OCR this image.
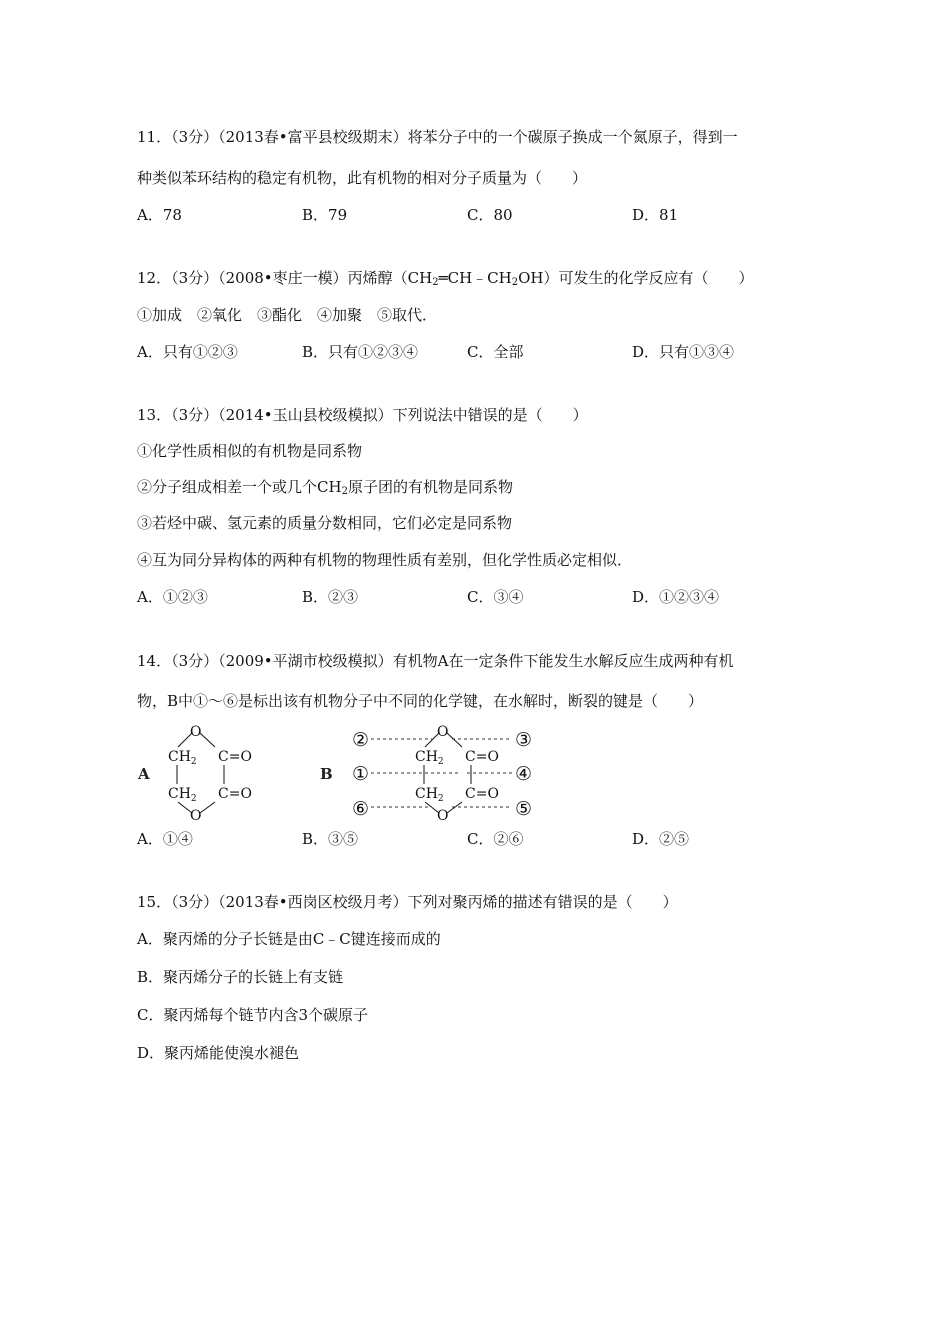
11．（3分）（2013春•富平县校级期末）将苯分子中的一个碳原子换成一个氮原子，得到一
种类似苯环结构的稳定有机物，此有机物的相对分子质量为（　　）
A．78	B．79	C．80	D．81
12．（3分）（2008•枣庄一模）丙烯醇$(CH_2═CH﹣CH_2OH)$可发生的化学反应有（　　）
①加成　②氧化　③酯化　④加聚　⑤取代．
A．只有①②③	B．只有①②③④	C．全部	D．只有①③④
13．（3分）（2014•玉山县校级模拟）下列说法中错误的是（　　）
①化学性质相似的有机物是同系物
②分子组成相差一个或几个$CH_2$原子团的有机物是同系物
③若烃中碳、氢元素的质量分数相同，它们必定是同系物
④互为同分异构体的两种有机物的物理性质有差别，但化学性质必定相似．
A．①②③	B．②③	C．③④	D．①②③④
14．（3分）（2009•平湖市校级模拟）有机物A在一定条件下能发生水解反应生成两种有机
物，B中①～⑥是标出该有机物分子中不同的化学键，在水解时，断裂的键是（　　）
A
O
O
$CH_2$
$CH_2$
C=O
C=O
B
O
O
$CH_2$
$CH_2$
C=O
C=O
②
①
⑥
③
④
⑤
A．①④	B．③⑤	C．②⑥	D．②⑤
15．（3分）（2013春•西岗区校级月考）下列对聚丙烯的描述有错误的是（　　）
A．聚丙烯的分子长链是由C﹣C键连接而成的
B．聚丙烯分子的长链上有支链
C．聚丙烯每个链节内含3个碳原子
D．聚丙烯能使溴水褪色
